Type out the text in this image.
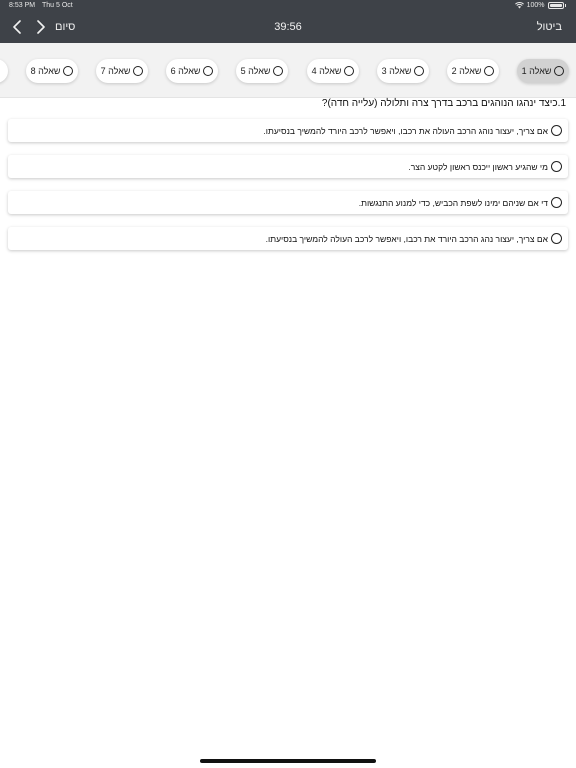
8:53 PM Thu 5 Oct	100%
סיום	39:56	ביטול
שאלה 1
שאלה 2
שאלה 3
שאלה 4
שאלה 5
שאלה 6
שאלה 7
שאלה 8
1.כיצד ינהגו הנוהגים ברכב בדרך צרה ותלולה (עלייה חדה)?
אם צריך, יעצור נוהג הרכב העולה את רכבו, ויאפשר לרכב היורד להמשיך בנסיעתו.
מי שהגיע ראשון ייכנס ראשון לקטע הצר.
די אם שניהם ימינו לשפת הכביש, כדי למנוע התנגשות.
אם צריך, יעצור נהג הרכב היורד את רכבו, ויאפשר לרכב העולה להמשיך בנסיעתו.
